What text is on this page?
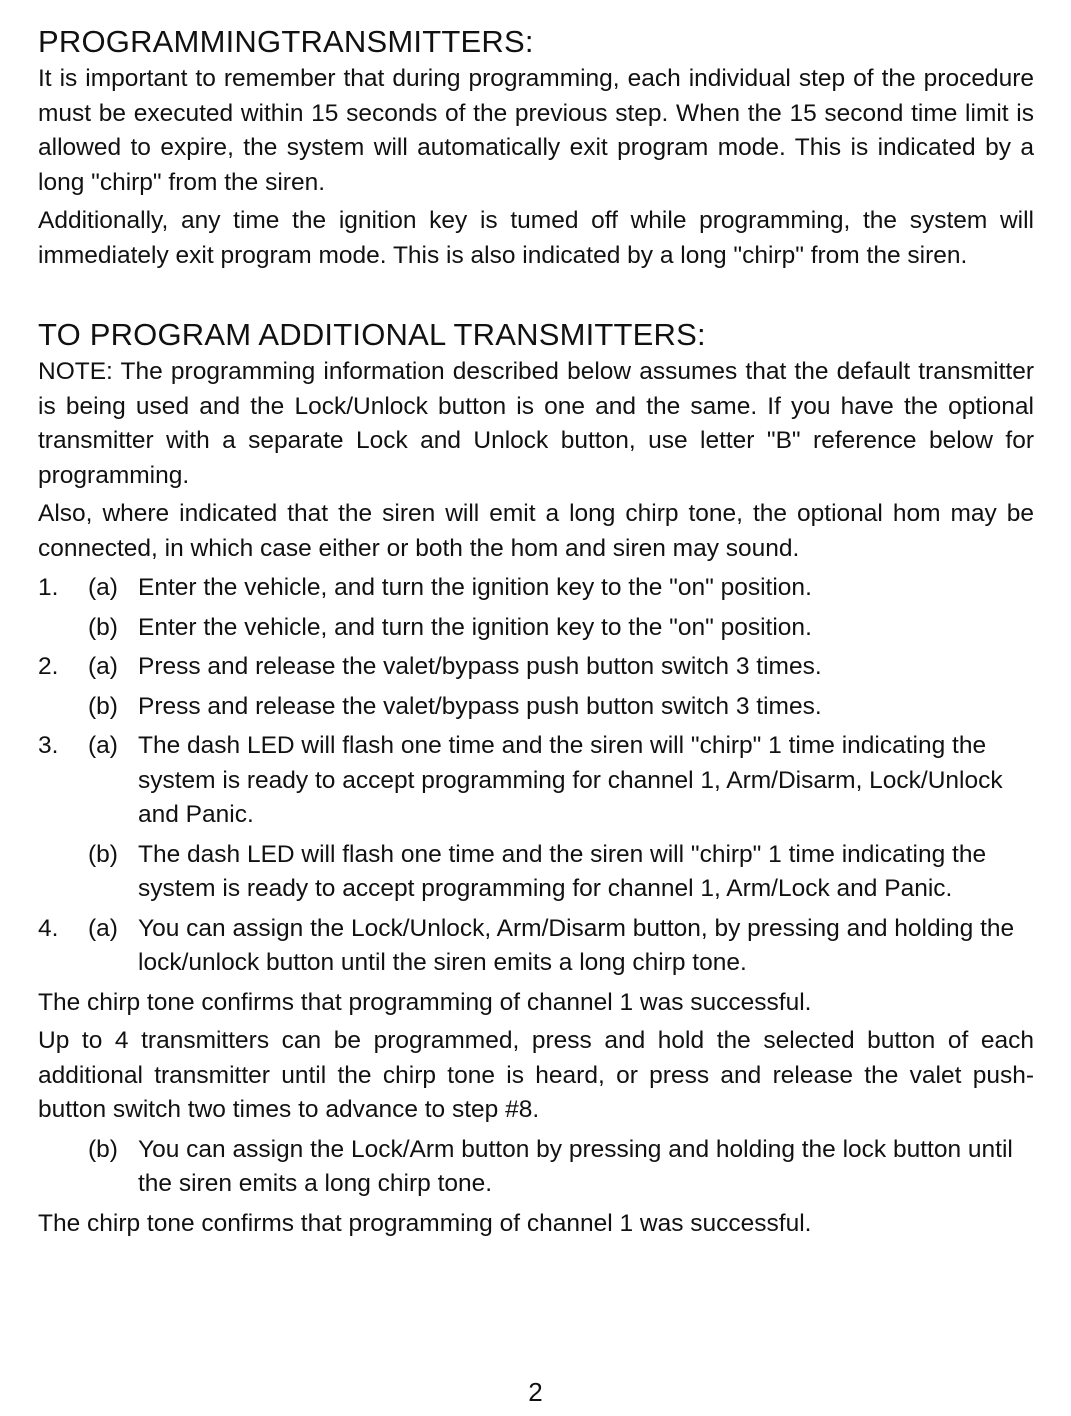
PROGRAMMINGTRANSMITTERS:

It is important to remember that during programming, each individual step of the procedure must be executed within 15 seconds of the previous step. When the 15 second time limit is allowed to expire, the system will automatically exit program mode. This is indicated by a long "chirp" from the siren.

Additionally, any time the ignition key is tumed off while programming, the system will immediately exit program mode. This is also indicated by a long "chirp" from the siren.

TO PROGRAM ADDITIONAL TRANSMITTERS:

NOTE: The programming information described below assumes that the default transmitter is being used and the Lock/Unlock button is one and the same. If you have the optional transmitter with a separate Lock and Unlock button, use letter "B" reference below for programming.

Also, where indicated that the siren will emit a long chirp tone, the optional hom may be connected, in which case either or both the hom and siren may sound.

1.	(a) Enter the vehicle, and turn the ignition key to the "on" position.
(b) Enter the vehicle, and turn the ignition key to the "on" position.
2.	(a) Press and release the valet/bypass push button switch 3 times.
(b) Press and release the valet/bypass push button switch 3 times.
3.	(a) The dash LED will flash one time and the siren will "chirp" 1 time indicating the system is ready to accept programming for channel 1, Arm/Disarm, Lock/Unlock and Panic.
(b) The dash LED will flash one time and the siren will "chirp" 1 time indicating the system is ready to accept programming for channel 1, Arm/Lock and Panic.
4.	(a) You can assign the Lock/Unlock, Arm/Disarm button, by pressing and holding the lock/unlock button until the siren emits a long chirp tone.

The chirp tone confirms that programming of channel 1 was successful.

Up to 4 transmitters can be programmed, press and hold the selected button of each additional transmitter until the chirp tone is heard, or press and release the valet push-button switch two times to advance to step #8.

(b) You can assign the Lock/Arm button by pressing and holding the lock button until the siren emits a long chirp tone.

The chirp tone confirms that programming of channel 1 was successful.

2
